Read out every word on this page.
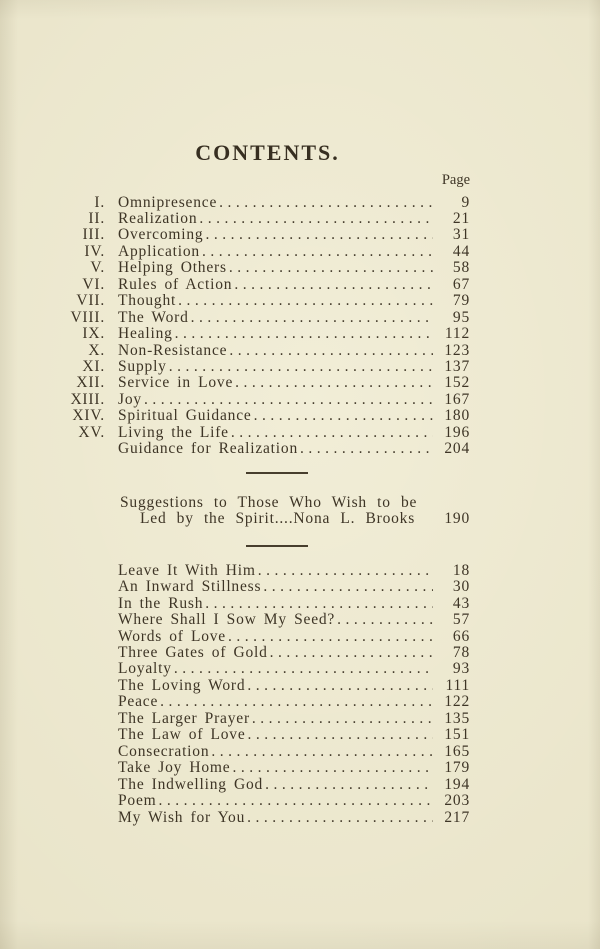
CONTENTS.
Page
I. Omnipresence .....	9
II. Realization .....	21
III. Overcoming .....	31
IV. Application .....	44
V. Helping Others .....	58
VI. Rules of Action .....	67
VII. Thought .....	79
VIII. The Word .....	95
IX. Healing .....	112
X. Non-Resistance .....	123
XI. Supply .....	137
XII. Service in Love .....	152
XIII. Joy .....	167
XIV. Spiritual Guidance .....	180
XV. Living the Life .....	196
Guidance for Realization .....	204
Suggestions to Those Who Wish to be
Led by the Spirit....Nona L. Brooks	190
Leave It With Him .....	18
An Inward Stillness .....	30
In the Rush .....	43
Where Shall I Sow My Seed? .....	57
Words of Love .....	66
Three Gates of Gold .....	78
Loyalty .....	93
The Loving Word .....	111
Peace .....	122
The Larger Prayer .....	135
The Law of Love .....	151
Consecration .....	165
Take Joy Home .....	179
The Indwelling God .....	194
Poem .....	203
My Wish for You .....	217
